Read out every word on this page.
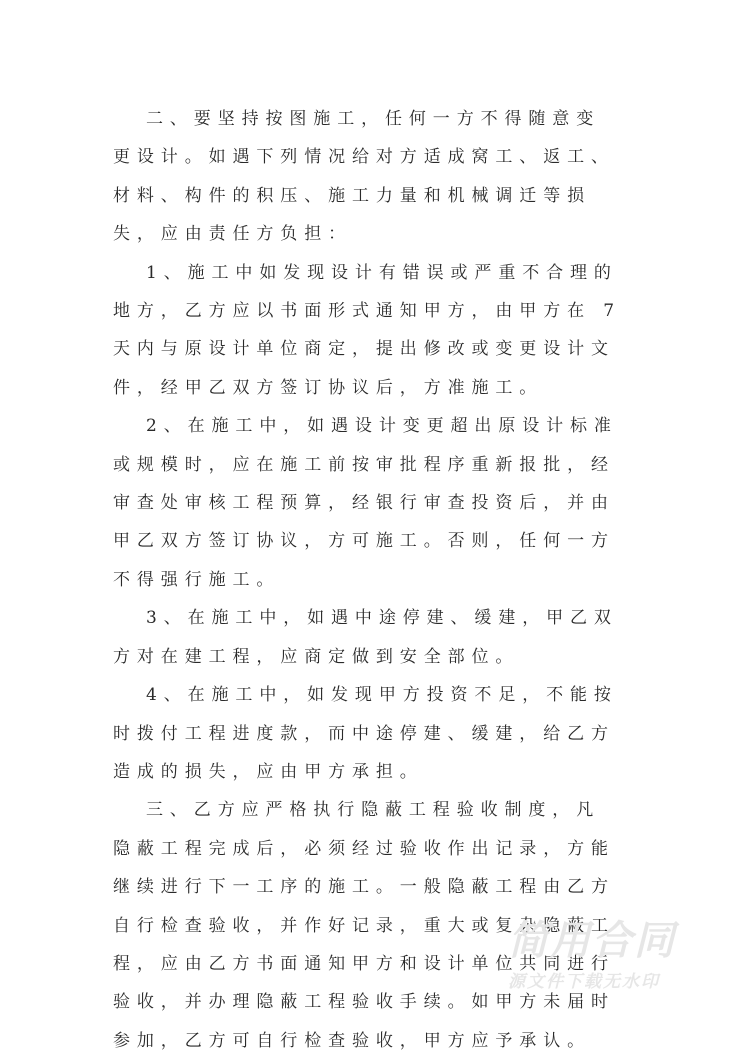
二、要坚持按图施工，任何一方不得随意变更设计。如遇下列情况给对方适成窝工、返工、材料、构件的积压、施工力量和机械调迁等损失，应由责任方负担：

1、施工中如发现设计有错误或严重不合理的地方，乙方应以书面形式通知甲方，由甲方在 7 天内与原设计单位商定，提出修改或变更设计文件，经甲乙双方签订协议后，方准施工。

2、在施工中，如遇设计变更超出原设计标准或规模时，应在施工前按审批程序重新报批，经审查处审核工程预算，经银行审查投资后，并由甲乙双方签订协议，方可施工。否则，任何一方不得强行施工。

3、在施工中，如遇中途停建、缓建，甲乙双方对在建工程，应商定做到安全部位。

4、在施工中，如发现甲方投资不足，不能按时拨付工程进度款，而中途停建、缓建，给乙方造成的损失，应由甲方承担。

三、乙方应严格执行隐蔽工程验收制度，凡隐蔽工程完成后，必须经过验收作出记录，方能继续进行下一工序的施工。一般隐蔽工程由乙方自行检查验收，并作好记录，重大或复杂隐蔽工程，应由乙方书面通知甲方和设计单位共同进行验收，并办理隐蔽工程验收手续。如甲方未届时参加，乙方可自行检查验收，甲方应予承认。

简用合同
源文件下载无水印
